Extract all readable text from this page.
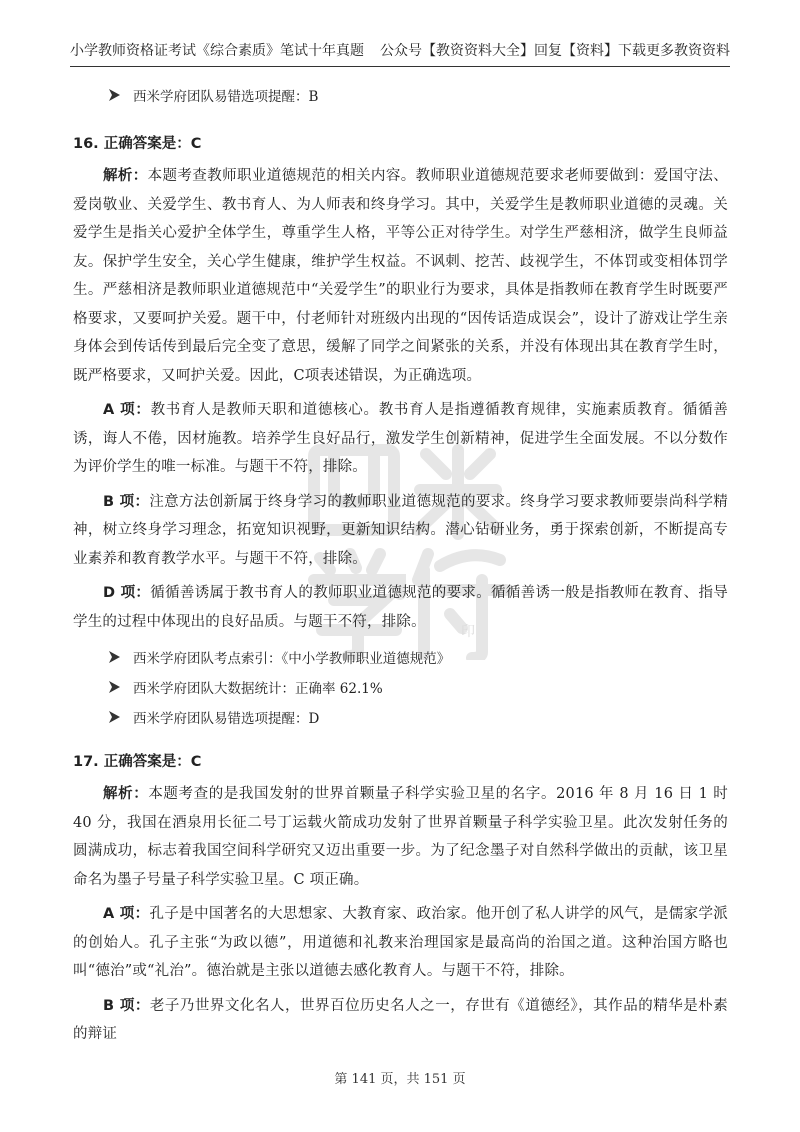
小学教师资格证考试《综合素质》笔试十年真题 公众号【教资资料大全】回复【资料】下载更多教资资料
印
西米学府团队易错选项提醒：B
16. 正确答案是：C

解析：本题考查教师职业道德规范的相关内容。教师职业道德规范要求老师要做到：爱国守法、爱岗敬业、关爱学生、教书育人、为人师表和终身学习。其中，关爱学生是教师职业道德的灵魂。关爱学生是指关心爱护全体学生，尊重学生人格，平等公正对待学生。对学生严慈相济，做学生良师益友。保护学生安全，关心学生健康，维护学生权益。不讽刺、挖苦、歧视学生，不体罚或变相体罚学生。严慈相济是教师职业道德规范中“关爱学生”的职业行为要求，具体是指教师在教育学生时既要严格要求，又要呵护关爱。题干中，付老师针对班级内出现的“因传话造成误会”，设计了游戏让学生亲身体会到传话传到最后完全变了意思，缓解了同学之间紧张的关系，并没有体现出其在教育学生时，既严格要求，又呵护关爱。因此，C项表述错误，为正确选项。

A 项：教书育人是教师天职和道德核心。教书育人是指遵循教育规律，实施素质教育。循循善诱，诲人不倦，因材施教。培养学生良好品行，激发学生创新精神，促进学生全面发展。不以分数作为评价学生的唯一标准。与题干不符，排除。

B 项：注意方法创新属于终身学习的教师职业道德规范的要求。终身学习要求教师要崇尚科学精神，树立终身学习理念，拓宽知识视野，更新知识结构。潜心钻研业务，勇于探索创新，不断提高专业素养和教育教学水平。与题干不符，排除。

D 项：循循善诱属于教书育人的教师职业道德规范的要求。循循善诱一般是指教师在教育、指导学生的过程中体现出的良好品质。与题干不符，排除。

西米学府团队考点索引：《中小学教师职业道德规范》
西米学府团队大数据统计：正确率 62.1%
西米学府团队易错选项提醒：D
17. 正确答案是：C

解析：本题考查的是我国发射的世界首颗量子科学实验卫星的名字。2016 年 8 月 16 日 1 时 40 分，我国在酒泉用长征二号丁运载火箭成功发射了世界首颗量子科学实验卫星。此次发射任务的圆满成功，标志着我国空间科学研究又迈出重要一步。为了纪念墨子对自然科学做出的贡献，该卫星命名为墨子号量子科学实验卫星。C 项正确。

A 项：孔子是中国著名的大思想家、大教育家、政治家。他开创了私人讲学的风气，是儒家学派的创始人。孔子主张“为政以德”，用道德和礼教来治理国家是最高尚的治国之道。这种治国方略也叫“德治”或“礼治”。德治就是主张以道德去感化教育人。与题干不符，排除。

B 项：老子乃世界文化名人，世界百位历史名人之一，存世有《道德经》，其作品的精华是朴素的辩证

第 141 页，共 151 页
